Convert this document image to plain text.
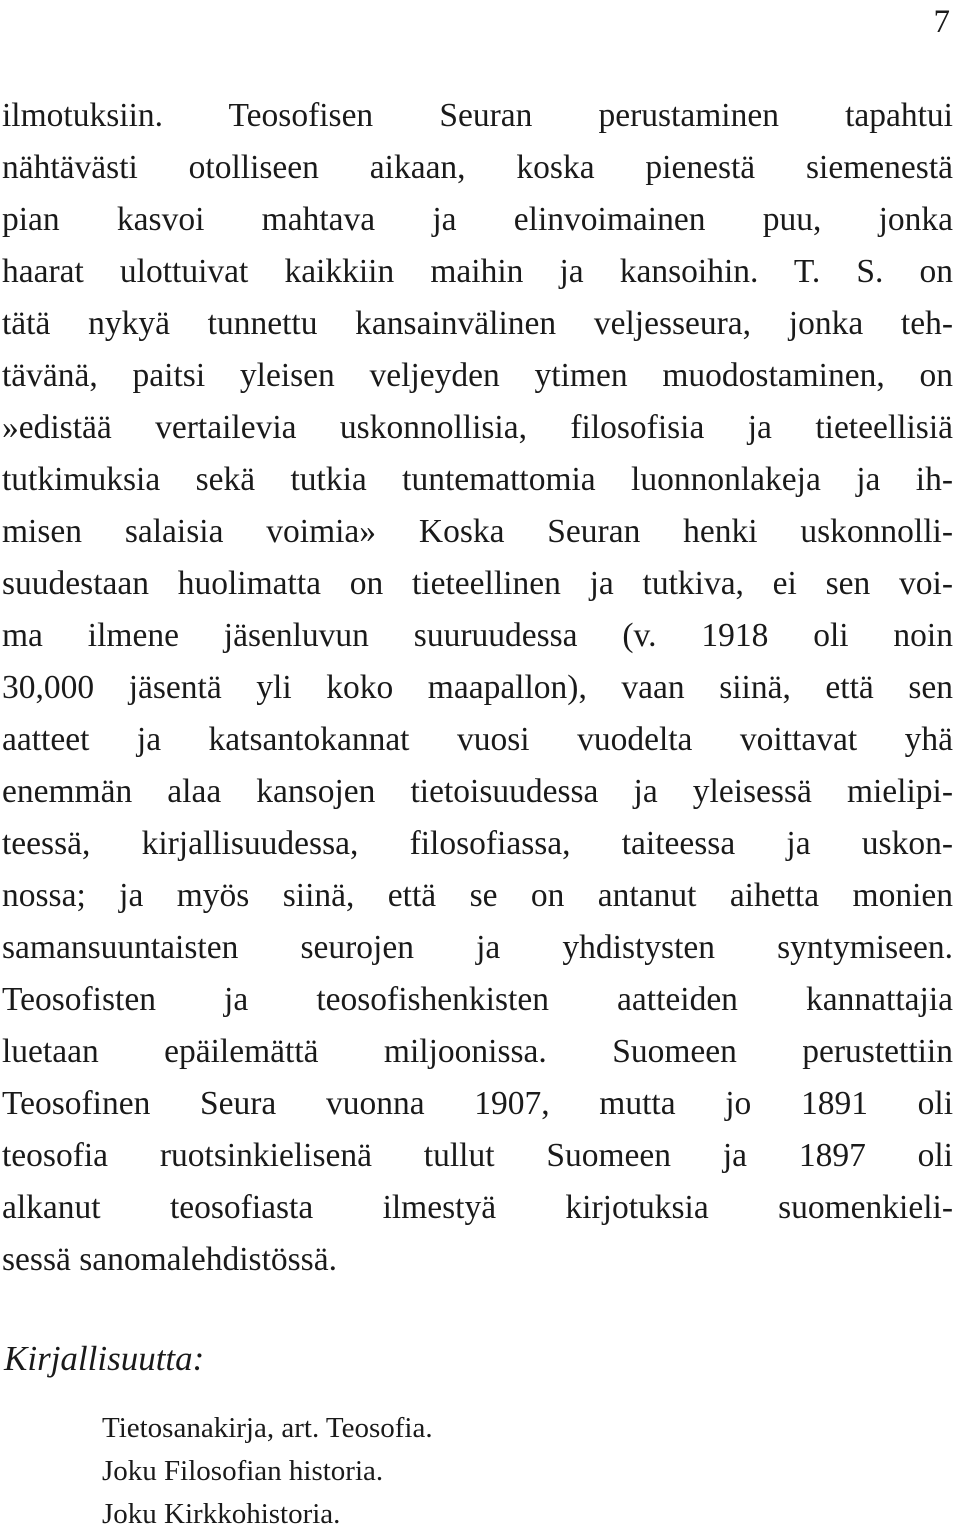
7
ilmotuksiin. Teosofisen Seuran perustaminen tapahtui
nähtävästi otolliseen aikaan, koska pienestä siemenestä
pian kasvoi mahtava ja elinvoimainen puu, jonka
haarat ulottuivat kaikkiin maihin ja kansoihin. T. S. on
tätä nykyä tunnettu kansainvälinen veljesseura, jonka teh-
tävänä, paitsi yleisen veljeyden ytimen muodostaminen, on
»edistää vertailevia uskonnollisia, filosofisia ja tieteellisiä
tutkimuksia sekä tutkia tuntemattomia luonnonlakeja ja ih-
misen salaisia voimia» Koska Seuran henki uskonnolli-
suudestaan huolimatta on tieteellinen ja tutkiva, ei sen voi-
ma ilmene jäsenluvun suuruudessa (v. 1918 oli noin
30,000 jäsentä yli koko maapallon), vaan siinä, että sen
aatteet ja katsantokannat vuosi vuodelta voittavat yhä
enemmän alaa kansojen tietoisuudessa ja yleisessä mielipi-
teessä, kirjallisuudessa, filosofiassa, taiteessa ja uskon-
nossa; ja myös siinä, että se on antanut aihetta monien
samansuuntaisten seurojen ja yhdistysten syntymiseen.
Teosofisten ja teosofishenkisten aatteiden kannattajia
luetaan epäilemättä miljoonissa. Suomeen perustettiin
Teosofinen Seura vuonna 1907, mutta jo 1891 oli
teosofia ruotsinkielisenä tullut Suomeen ja 1897 oli
alkanut teosofiasta ilmestyä kirjotuksia suomenkieli-
sessä sanomalehdistössä.
Kirjallisuutta:
Tietosanakirja, art. Teosofia.
Joku Filosofian historia.
Joku Kirkkohistoria.
